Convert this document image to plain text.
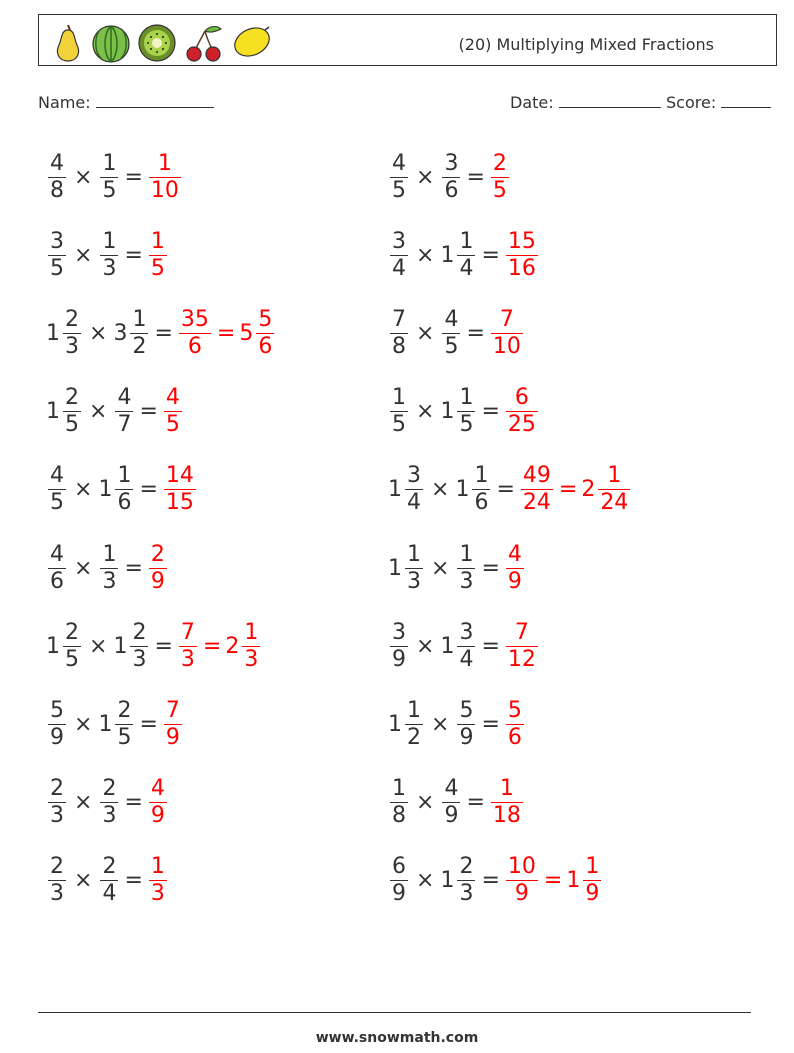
(20) Multiplying Mixed Fractions
Name:	Date:	Score:
$\frac{4}{8} \times \frac{1}{5} = \frac{1}{10}$	$\frac{4}{5} \times \frac{3}{6} = \frac{2}{5}$
$\frac{3}{5} \times \frac{1}{3} = \frac{1}{5}$	$\frac{3}{4} \times 1 \frac{1}{4} = \frac{15}{16}$
$1 \frac{2}{3} \times 3 \frac{1}{2} = \frac{35}{6} = 5 \frac{5}{6}$	$\frac{7}{8} \times \frac{4}{5} = \frac{7}{10}$
$1 \frac{2}{5} \times \frac{4}{7} = \frac{4}{5}$	$\frac{1}{5} \times 1 \frac{1}{5} = \frac{6}{25}$
$\frac{4}{5} \times 1 \frac{1}{6} = \frac{14}{15}$	$1 \frac{3}{4} \times 1 \frac{1}{6} = \frac{49}{24} = 2 \frac{1}{24}$
$\frac{4}{6} \times \frac{1}{3} = \frac{2}{9}$	$1 \frac{1}{3} \times \frac{1}{3} = \frac{4}{9}$
$1 \frac{2}{5} \times 1 \frac{2}{3} = \frac{7}{3} = 2 \frac{1}{3}$	$\frac{3}{9} \times 1 \frac{3}{4} = \frac{7}{12}$
$\frac{5}{9} \times 1 \frac{2}{5} = \frac{7}{9}$	$1 \frac{1}{2} \times \frac{5}{9} = \frac{5}{6}$
$\frac{2}{3} \times \frac{2}{3} = \frac{4}{9}$	$\frac{1}{8} \times \frac{4}{9} = \frac{1}{18}$
$\frac{2}{3} \times \frac{2}{4} = \frac{1}{3}$	$\frac{6}{9} \times 1 \frac{2}{3} = \frac{10}{9} = 1 \frac{1}{9}$
www.snowmath.com
